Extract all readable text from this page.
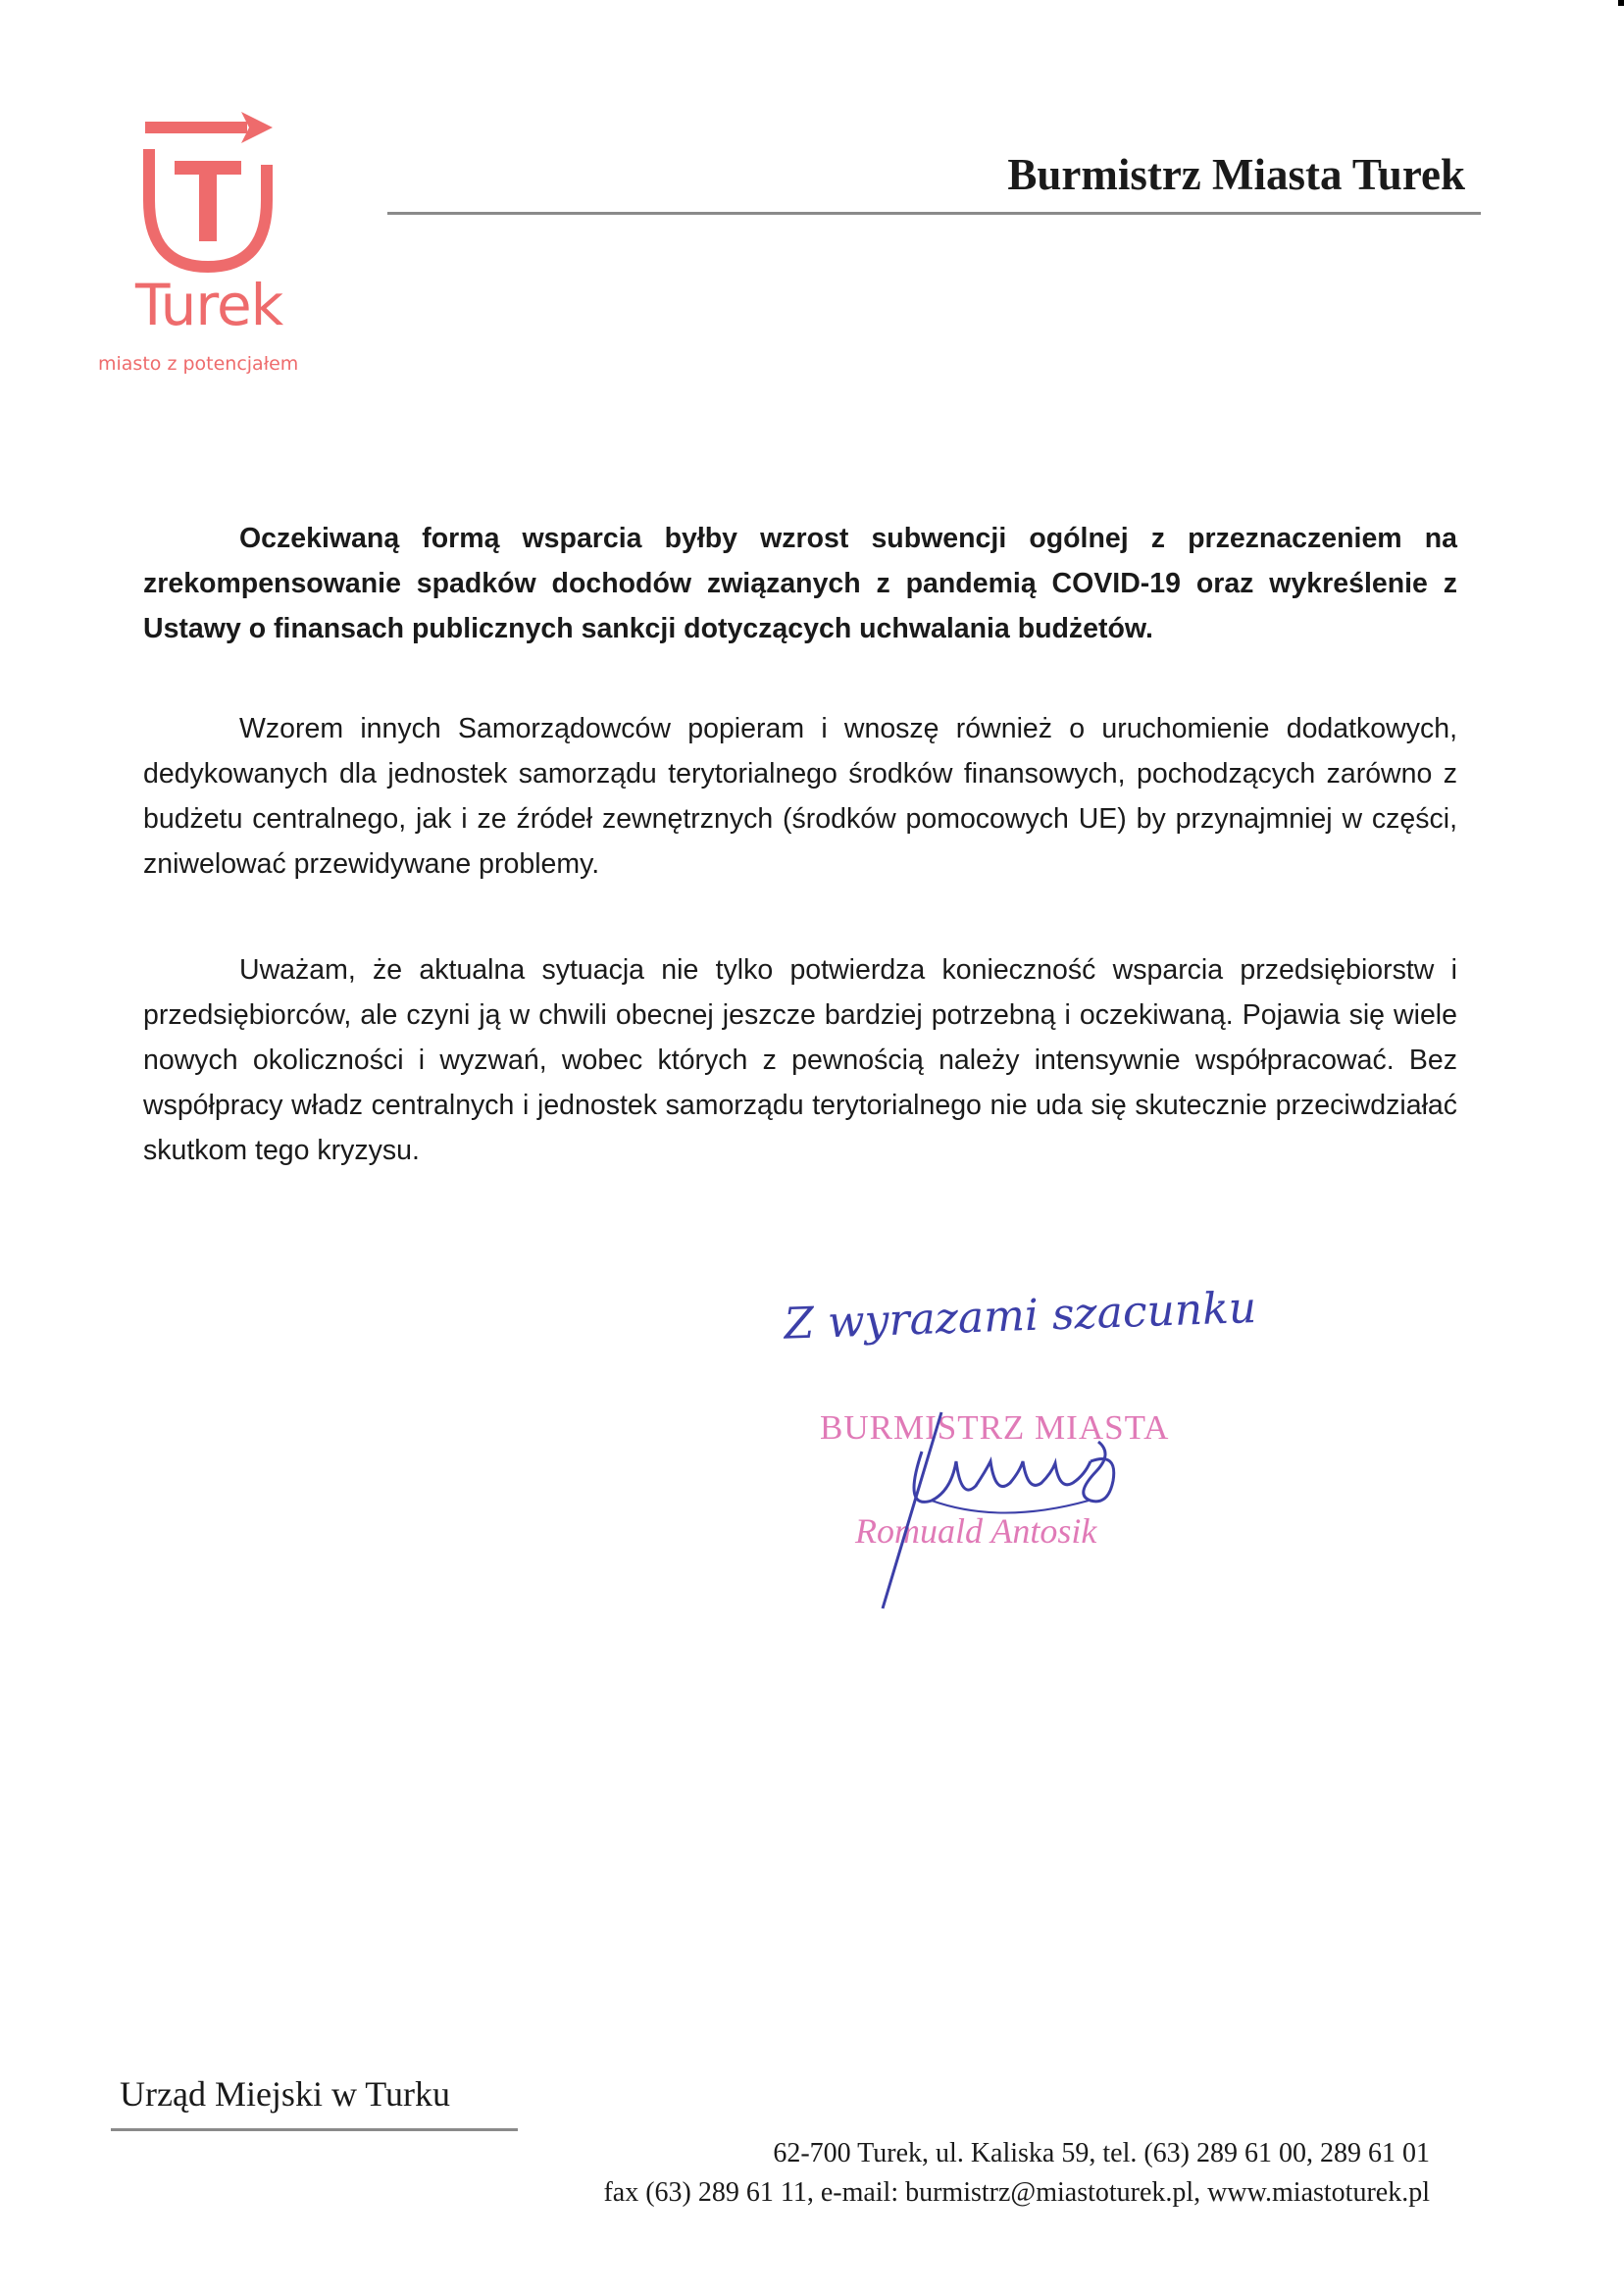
Turek
miasto z potencjałem
Burmistrz Miasta Turek

Oczekiwaną formą wsparcia byłby wzrost subwencji ogólnej z przeznaczeniem na zrekompensowanie spadków dochodów związanych z pandemią COVID-19 oraz wykreślenie z Ustawy o finansach publicznych sankcji dotyczących uchwalania budżetów.

Wzorem innych Samorządowców popieram i wnoszę również o uruchomienie dodatkowych, dedykowanych dla jednostek samorządu terytorialnego środków finansowych, pochodzących zarówno z budżetu centralnego, jak i ze źródeł zewnętrznych (środków pomocowych UE) by przynajmniej w części, zniwelować przewidywane problemy.

Uważam, że aktualna sytuacja nie tylko potwierdza konieczność wsparcia przedsiębiorstw i przedsiębiorców, ale czyni ją w chwili obecnej jeszcze bardziej potrzebną i oczekiwaną. Pojawia się wiele nowych okoliczności i wyzwań, wobec których z pewnością należy intensywnie współpracować. Bez współpracy władz centralnych i jednostek samorządu terytorialnego nie uda się skutecznie przeciwdziałać skutkom tego kryzysu.

Z wyrazami szacunku
BURMISTRZ MIASTA
Romuald Antosik
Urząd Miejski w Turku
62-700 Turek, ul. Kaliska 59, tel. (63) 289 61 00, 289 61 01
fax (63) 289 61 11, e-mail: burmistrz@miastoturek.pl, www.miastoturek.pl
